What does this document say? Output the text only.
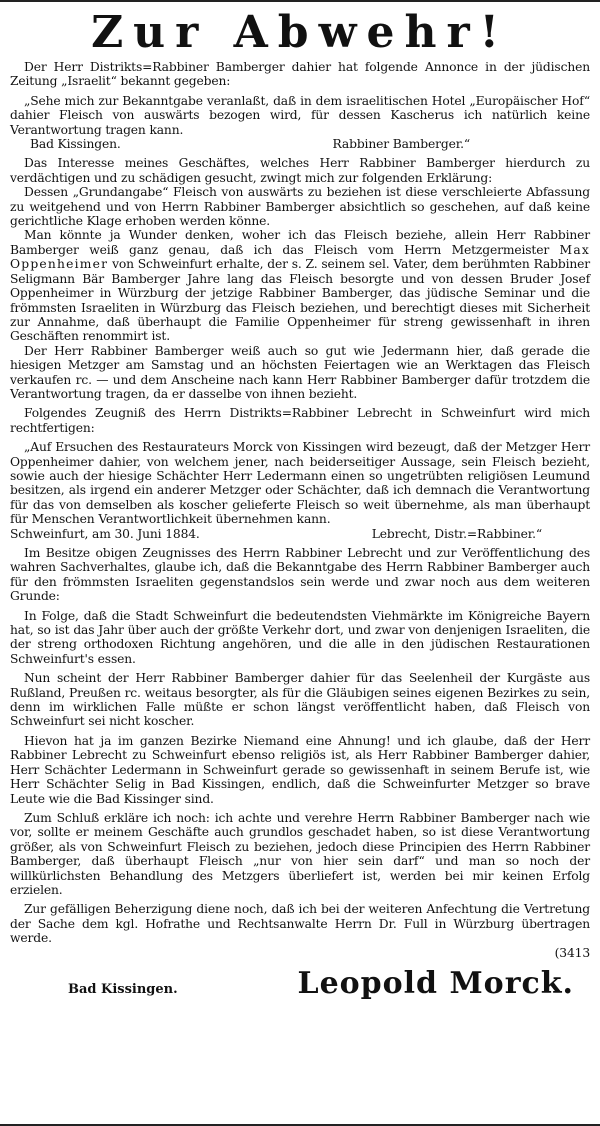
Zur Abwehr!

Der Herr Distrikts=Rabbiner Bamberger dahier hat folgende Annonce in der jüdischen Zeitung „Israelit“ bekannt gegeben:

„Sehe mich zur Bekanntgabe veranlaßt, daß in dem israelitischen Hotel „Europäischer Hof“ dahier Fleisch von auswärts bezogen wird, für dessen Kascherus ich natürlich keine Verantwortung tragen kann.

Bad Kissingen.	Rabbiner Bamberger.“

Das Interesse meines Geschäftes, welches Herr Rabbiner Bamberger hierdurch zu verdächtigen und zu schädigen gesucht, zwingt mich zur folgenden Erklärung:

Dessen „Grundangabe“ Fleisch von auswärts zu beziehen ist diese verschleierte Abfassung zu weitgehend und von Herrn Rabbiner Bamberger absichtlich so geschehen, auf daß keine gerichtliche Klage erhoben werden könne.

Man könnte ja Wunder denken, woher ich das Fleisch beziehe, allein Herr Rabbiner Bamberger weiß ganz genau, daß ich das Fleisch vom Herrn Metzgermeister Max Oppenheimer von Schweinfurt erhalte, der s. Z. seinem sel. Vater, dem berühmten Rabbiner Seligmann Bär Bamberger Jahre lang das Fleisch besorgte und von dessen Bruder Josef Oppenheimer in Würzburg der jetzige Rabbiner Bamberger, das jüdische Seminar und die frömmsten Israeliten in Würzburg das Fleisch beziehen, und berechtigt dieses mit Sicherheit zur Annahme, daß überhaupt die Familie Oppenheimer für streng gewissenhaft in ihren Geschäften renommirt ist.

Der Herr Rabbiner Bamberger weiß auch so gut wie Jedermann hier, daß gerade die hiesigen Metzger am Samstag und an höchsten Feiertagen wie an Werktagen das Fleisch verkaufen rc. — und dem Anscheine nach kann Herr Rabbiner Bamberger dafür trotzdem die Verantwortung tragen, da er dasselbe von ihnen bezieht.

Folgendes Zeugniß des Herrn Distrikts=Rabbiner Lebrecht in Schweinfurt wird mich rechtfertigen:

„Auf Ersuchen des Restaurateurs Morck von Kissingen wird bezeugt, daß der Metzger Herr Oppenheimer dahier, von welchem jener, nach beiderseitiger Aussage, sein Fleisch bezieht, sowie auch der hiesige Schächter Herr Ledermann einen so ungetrübten religiösen Leumund besitzen, als irgend ein anderer Metzger oder Schächter, daß ich demnach die Verantwortung für das von demselben als koscher gelieferte Fleisch so weit übernehme, als man überhaupt für Menschen Verantwortlichkeit übernehmen kann.

Schweinfurt, am 30. Juni 1884.	Lebrecht, Distr.=Rabbiner.“

Im Besitze obigen Zeugnisses des Herrn Rabbiner Lebrecht und zur Veröffentlichung des wahren Sachverhaltes, glaube ich, daß die Bekanntgabe des Herrn Rabbiner Bamberger auch für den frömmsten Israeliten gegenstandslos sein werde und zwar noch aus dem weiteren Grunde:

In Folge, daß die Stadt Schweinfurt die bedeutendsten Viehmärkte im Königreiche Bayern hat, so ist das Jahr über auch der größte Verkehr dort, und zwar von denjenigen Israeliten, die der streng orthodoxen Richtung angehören, und die alle in den jüdischen Restaurationen Schweinfurt's essen.

Nun scheint der Herr Rabbiner Bamberger dahier für das Seelenheil der Kurgäste aus Rußland, Preußen rc. weitaus besorgter, als für die Gläubigen seines eigenen Bezirkes zu sein, denn im wirklichen Falle müßte er schon längst veröffentlicht haben, daß Fleisch von Schweinfurt sei nicht koscher.

Hievon hat ja im ganzen Bezirke Niemand eine Ahnung! und ich glaube, daß der Herr Rabbiner Lebrecht zu Schweinfurt ebenso religiös ist, als Herr Rabbiner Bamberger dahier, Herr Schächter Ledermann in Schweinfurt gerade so gewissenhaft in seinem Berufe ist, wie Herr Schächter Selig in Bad Kissingen, endlich, daß die Schweinfurter Metzger so brave Leute wie die Bad Kissinger sind.

Zum Schluß erkläre ich noch: ich achte und verehre Herrn Rabbiner Bamberger nach wie vor, sollte er meinem Geschäfte auch grundlos geschadet haben, so ist diese Verantwortung größer, als von Schweinfurt Fleisch zu beziehen, jedoch diese Principien des Herrn Rabbiner Bamberger, daß überhaupt Fleisch „nur von hier sein darf“ und man so noch der willkürlichsten Behandlung des Metzgers überliefert ist, werden bei mir keinen Erfolg erzielen.

Zur gefälligen Beherzigung diene noch, daß ich bei der weiteren Anfechtung die Vertretung der Sache dem kgl. Hofrathe und Rechtsanwalte Herrn Dr. Full in Würzburg übertragen werde.

(3413

Bad Kissingen.	Leopold Morck.
